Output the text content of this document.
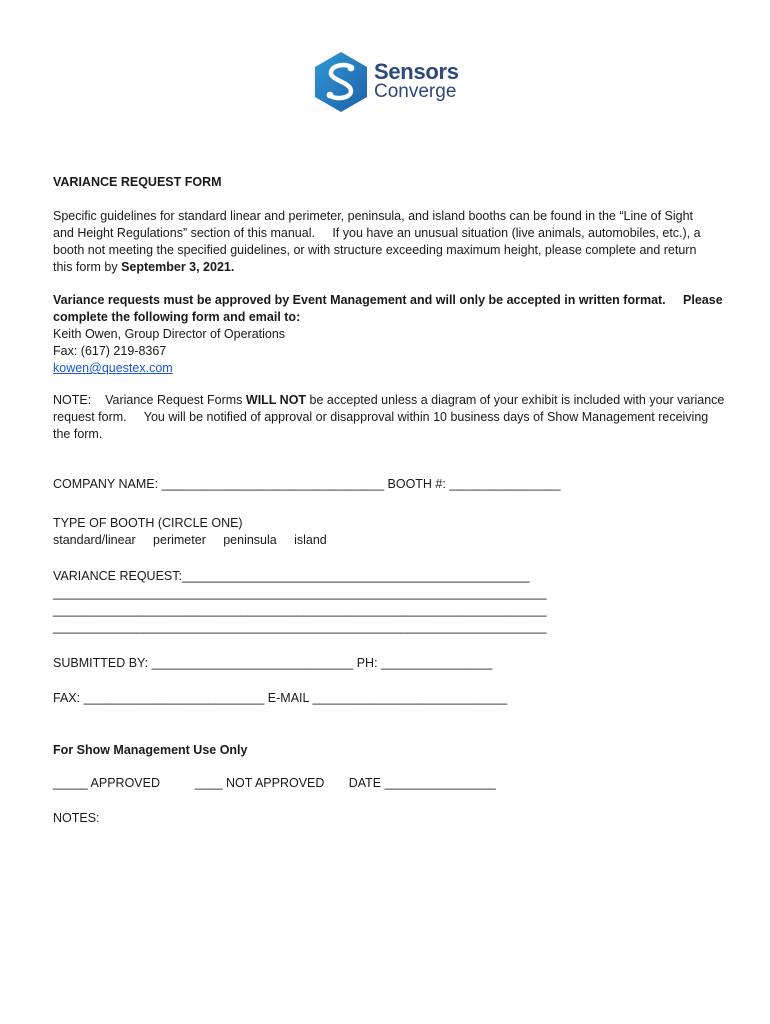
Sensors
Converge
VARIANCE REQUEST FORM
Specific guidelines for standard linear and perimeter, peninsula, and island booths can be found in the “Line of Sight
and Height Regulations” section of this manual.     If you have an unusual situation (live animals, automobiles, etc.), a
booth not meeting the specified guidelines, or with structure exceeding maximum height, please complete and return
this form by September 3, 2021.
Variance requests must be approved by Event Management and will only be accepted in written format.     Please
complete the following form and email to:
Keith Owen, Group Director of Operations
Fax: (617) 219-8367
kowen@questex.com
NOTE:    Variance Request Forms WILL NOT be accepted unless a diagram of your exhibit is included with your variance
request form.     You will be notified of approval or disapproval within 10 business days of Show Management receiving
the form.
COMPANY NAME: ________________________________ BOOTH #: ________________
TYPE OF BOOTH (CIRCLE ONE)
standard/linear     perimeter     peninsula     island
VARIANCE REQUEST:__________________________________________________
_______________________________________________________________________
_______________________________________________________________________
_______________________________________________________________________
SUBMITTED BY: _____________________________ PH: ________________
FAX: __________________________ E-MAIL ____________________________
For Show Management Use Only
_____ APPROVED          ____ NOT APPROVED       DATE ________________
NOTES:
